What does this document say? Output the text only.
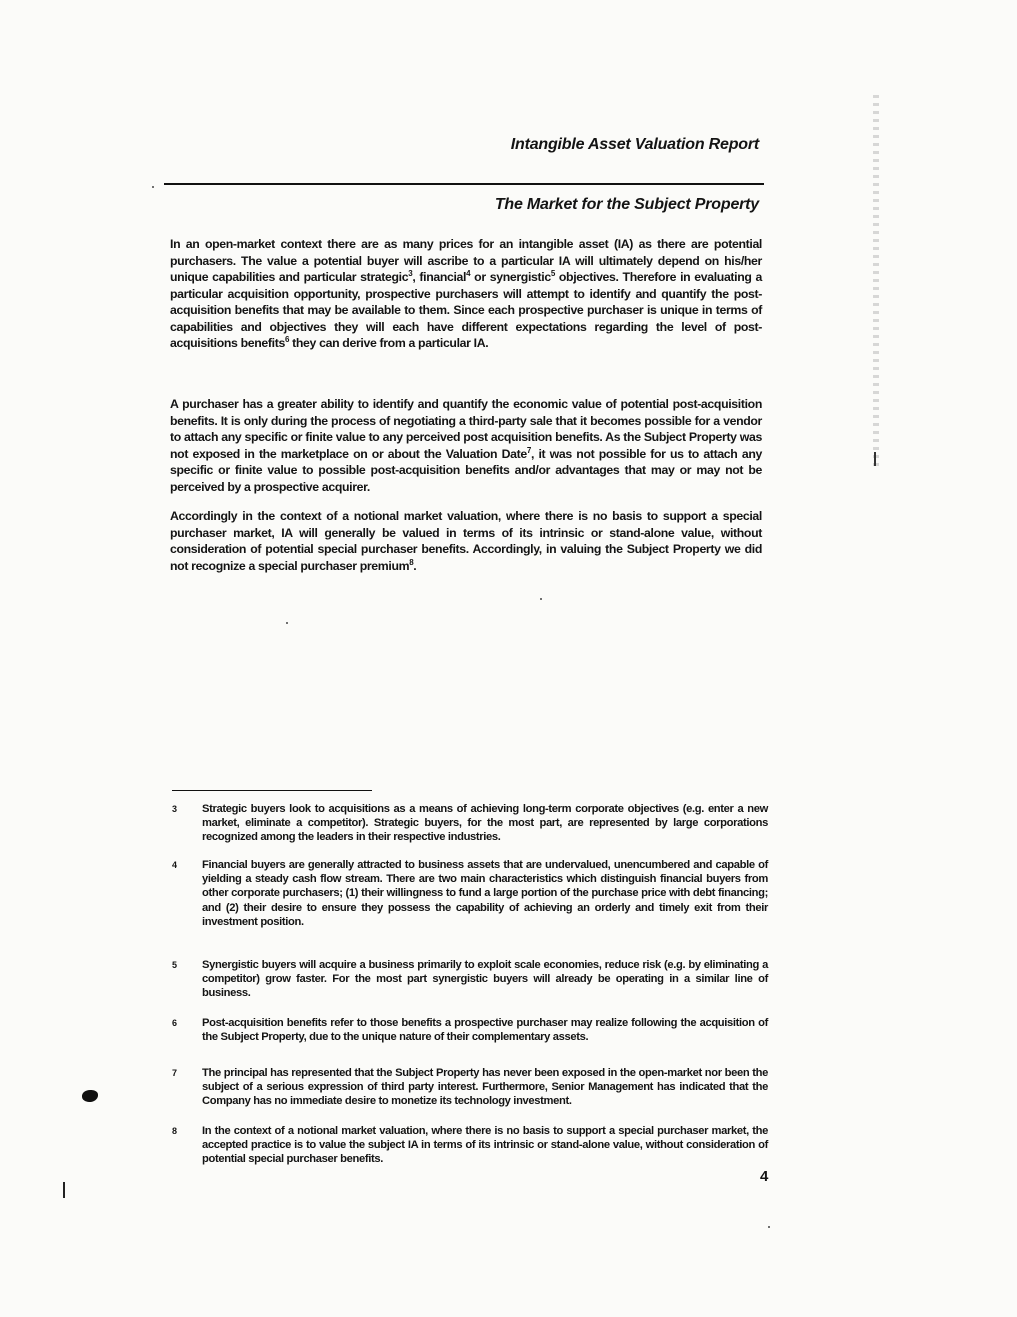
Intangible Asset Valuation Report
The Market for the Subject Property

In an open-market context there are as many prices for an intangible asset (IA) as there are potential purchasers. The value a potential buyer will ascribe to a particular IA will ultimately depend on his/her unique capabilities and particular strategic$^3$, financial$^4$ or synergistic$^5$ objectives. Therefore in evaluating a particular acquisition opportunity, prospective purchasers will attempt to identify and quantify the post-acquisition benefits that may be available to them. Since each prospective purchaser is unique in terms of capabilities and objectives they will each have different expectations regarding the level of post-acquisitions benefits$^6$ they can derive from a particular IA.

A purchaser has a greater ability to identify and quantify the economic value of potential post-acquisition benefits. It is only during the process of negotiating a third-party sale that it becomes possible for a vendor to attach any specific or finite value to any perceived post acquisition benefits. As the Subject Property was not exposed in the marketplace on or about the Valuation Date$^7$, it was not possible for us to attach any specific or finite value to possible post-acquisition benefits and/or advantages that may or may not be perceived by a prospective acquirer.

Accordingly in the context of a notional market valuation, where there is no basis to support a special purchaser market, IA will generally be valued in terms of its intrinsic or stand-alone value, without consideration of potential special purchaser benefits. Accordingly, in valuing the Subject Property we did not recognize a special purchaser premium$^8$.

3	Strategic buyers look to acquisitions as a means of achieving long-term corporate objectives (e.g. enter a new market, eliminate a competitor). Strategic buyers, for the most part, are represented by large corporations recognized among the leaders in their respective industries.
4	Financial buyers are generally attracted to business assets that are undervalued, unencumbered and capable of yielding a steady cash flow stream. There are two main characteristics which distinguish financial buyers from other corporate purchasers; (1) their willingness to fund a large portion of the purchase price with debt financing; and (2) their desire to ensure they possess the capability of achieving an orderly and timely exit from their investment position.
5	Synergistic buyers will acquire a business primarily to exploit scale economies, reduce risk (e.g. by eliminating a competitor) grow faster. For the most part synergistic buyers will already be operating in a similar line of business.
6	Post-acquisition benefits refer to those benefits a prospective purchaser may realize following the acquisition of the Subject Property, due to the unique nature of their complementary assets.
7	The principal has represented that the Subject Property has never been exposed in the open-market nor been the subject of a serious expression of third party interest. Furthermore, Senior Management has indicated that the Company has no immediate desire to monetize its technology investment.
8	In the context of a notional market valuation, where there is no basis to support a special purchaser market, the accepted practice is to value the subject IA in terms of its intrinsic or stand-alone value, without consideration of potential special purchaser benefits.
4
